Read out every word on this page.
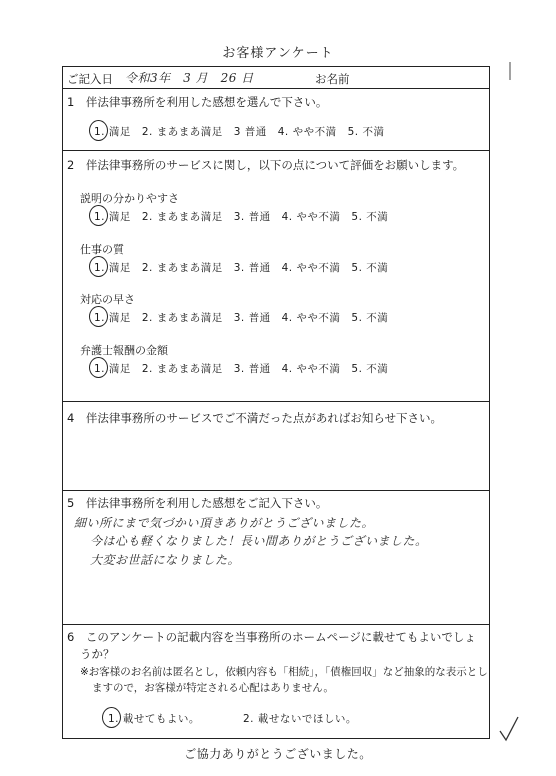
お客様アンケート
ご記入日 令和3年　3 月　26 日	お名前
1　伴法律事務所を利用した感想を選んで下さい。
1. 満足　2. まあまあ満足　3 普通　4. やや不満　5. 不満
2　伴法律事務所のサービスに関し，以下の点について評価をお願いします。
説明の分かりやすさ
1. 満足　2. まあまあ満足　3. 普通　4. やや不満　5. 不満
仕事の質
1. 満足　2. まあまあ満足　3. 普通　4. やや不満　5. 不満
対応の早さ
1. 満足　2. まあまあ満足　3. 普通　4. やや不満　5. 不満
弁護士報酬の金額
1. 満足　2. まあまあ満足　3. 普通　4. やや不満　5. 不満
4　伴法律事務所のサービスでご不満だった点があればお知らせ下さい。
5　伴法律事務所を利用した感想をご記入下さい。
細い所にまで気づかい頂きありがとうございました。
今は心も軽くなりました！長い間ありがとうございました。
大変お世話になりました。
6　このアンケートの記載内容を当事務所のホームページに載せてもよいでしょ
うか？
※お客様のお名前は匿名とし，依頼内容も「相続」，「債権回収」など抽象的な表示とし
ますので，お客様が特定される心配はありません。
1. 載せてもよい。	2. 載せないでほしい。
ご協力ありがとうございました。
